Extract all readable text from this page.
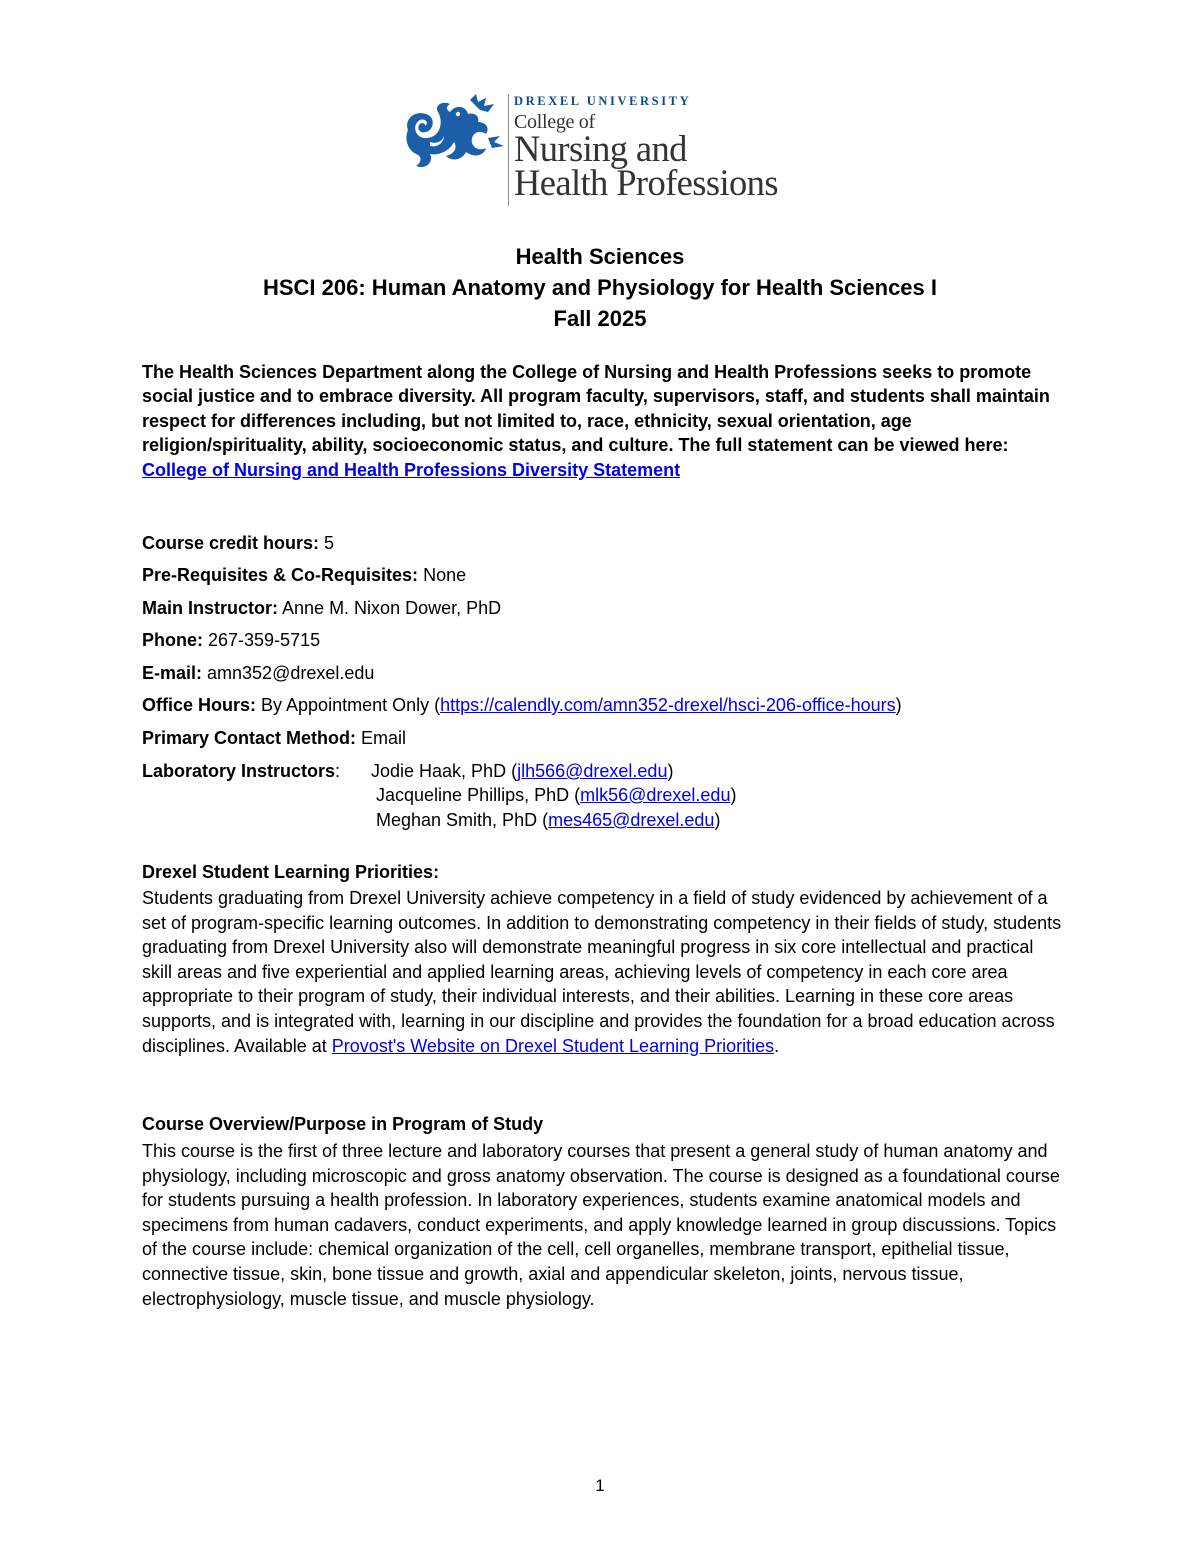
DREXEL UNIVERSITY
College of
Nursing and
Health Professions
Health Sciences
HSCI 206: Human Anatomy and Physiology for Health Sciences I
Fall 2025
The Health Sciences Department along the College of Nursing and Health Professions seeks to promote social justice and to embrace diversity. All program faculty, supervisors, staff, and students shall maintain respect for differences including, but not limited to, race, ethnicity, sexual orientation, age religion/spirituality, ability, socioeconomic status, and culture. The full statement can be viewed here: College of Nursing and Health Professions Diversity Statement
Course credit hours: 5
Pre-Requisites & Co-Requisites: None
Main Instructor: Anne M. Nixon Dower, PhD
Phone: 267-359-5715
E-mail: amn352@drexel.edu
Office Hours: By Appointment Only (https://calendly.com/amn352-drexel/hsci-206-office-hours)
Primary Contact Method: Email
Laboratory Instructors: Jodie Haak, PhD (jlh566@drexel.edu)
Jacqueline Phillips, PhD (mlk56@drexel.edu)
Meghan Smith, PhD (mes465@drexel.edu)
Drexel Student Learning Priorities:
Students graduating from Drexel University achieve competency in a field of study evidenced by achievement of a set of program-specific learning outcomes. In addition to demonstrating competency in their fields of study, students graduating from Drexel University also will demonstrate meaningful progress in six core intellectual and practical skill areas and five experiential and applied learning areas, achieving levels of competency in each core area appropriate to their program of study, their individual interests, and their abilities. Learning in these core areas supports, and is integrated with, learning in our discipline and provides the foundation for a broad education across disciplines. Available at Provost's Website on Drexel Student Learning Priorities.
Course Overview/Purpose in Program of Study
This course is the first of three lecture and laboratory courses that present a general study of human anatomy and physiology, including microscopic and gross anatomy observation. The course is designed as a foundational course for students pursuing a health profession. In laboratory experiences, students examine anatomical models and specimens from human cadavers, conduct experiments, and apply knowledge learned in group discussions. Topics of the course include: chemical organization of the cell, cell organelles, membrane transport, epithelial tissue, connective tissue, skin, bone tissue and growth, axial and appendicular skeleton, joints, nervous tissue, electrophysiology, muscle tissue, and muscle physiology.
1
